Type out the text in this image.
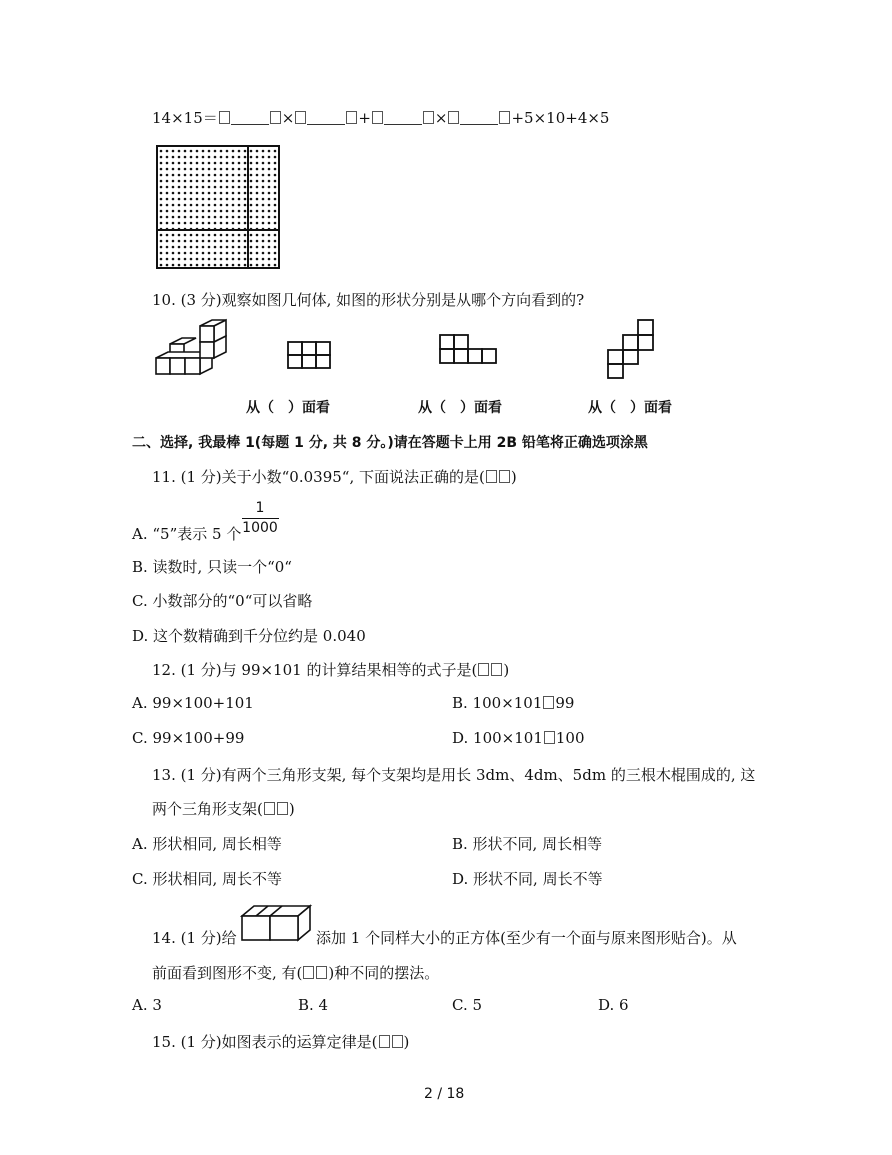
14×15＝	×	+	×	+5×10+4×5
10. (3 分)观察如图几何体, 如图的形状分别是从哪个方向看到的?
从（　）面看	从（　）面看	从（　）面看
二、选择, 我最棒 1(每题 1 分, 共 8 分。)请在答题卡上用 2B 铅笔将正确选项涂黑
11. (1 分)关于小数“0.0395“, 下面说法正确的是( )
A. “5”表示 5 个
1
1000
B. 读数时, 只读一个“0“
C. 小数部分的“0“可以省略
D. 这个数精确到千分位约是 0.040
12. (1 分)与 99×101 的计算结果相等的式子是( )
A. 99×100+101	B. 100×101 99
C. 99×100+99	D. 100×101 100
13. (1 分)有两个三角形支架, 每个支架均是用长 3dm、4dm、5dm 的三根木棍围成的, 这
两个三角形支架( )
A. 形状相同, 周长相等	B. 形状不同, 周长相等
C. 形状相同, 周长不等	D. 形状不同, 周长不等
14. (1 分)给	添加 1 个同样大小的正方体(至少有一个面与原来图形贴合)。从
前面看到图形不变, 有( )种不同的摆法。
A. 3	B. 4	C. 5	D. 6
15. (1 分)如图表示的运算定律是( )
2 / 18
